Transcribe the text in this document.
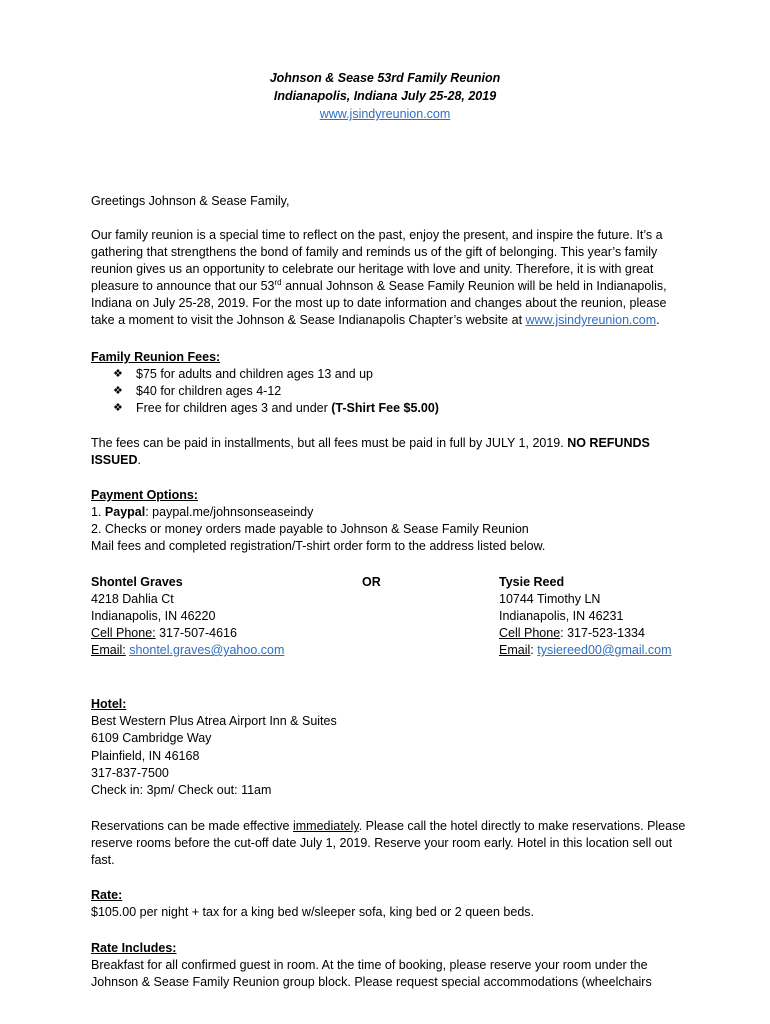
Johnson & Sease 53rd Family Reunion
Indianapolis, Indiana July 25-28, 2019
www.jsindyreunion.com
Greetings Johnson & Sease Family,
Our family reunion is a special time to reflect on the past, enjoy the present, and inspire the future. It’s a gathering that strengthens the bond of family and reminds us of the gift of belonging. This year’s family reunion gives us an opportunity to celebrate our heritage with love and unity. Therefore, it is with great pleasure to announce that our 53rd annual Johnson & Sease Family Reunion will be held in Indianapolis, Indiana on July 25-28, 2019. For the most up to date information and changes about the reunion, please take a moment to visit the Johnson & Sease Indianapolis Chapter’s website at www.jsindyreunion.com.
Family Reunion Fees:
❖ $75 for adults and children ages 13 and up
❖ $40 for children ages 4-12
❖ Free for children ages 3 and under (T-Shirt Fee $5.00)
The fees can be paid in installments, but all fees must be paid in full by JULY 1, 2019. NO REFUNDS ISSUED.
Payment Options:
1. Paypal: paypal.me/johnsonseaseindy
2. Checks or money orders made payable to Johnson & Sease Family Reunion
Mail fees and completed registration/T-shirt order form to the address listed below.
Shontel Graves
4218 Dahlia Ct
Indianapolis, IN 46220
Cell Phone: 317-507-4616
Email: shontel.graves@yahoo.com
OR	Tysie Reed
10744 Timothy LN
Indianapolis, IN 46231
Cell Phone: 317-523-1334
Email: tysiereed00@gmail.com
Hotel:
Best Western Plus Atrea Airport Inn & Suites
6109 Cambridge Way
Plainfield, IN 46168
317-837-7500
Check in: 3pm/ Check out: 11am
Reservations can be made effective immediately. Please call the hotel directly to make reservations. Please reserve rooms before the cut-off date July 1, 2019. Reserve your room early. Hotel in this location sell out fast.
Rate:
$105.00 per night + tax for a king bed w/sleeper sofa, king bed or 2 queen beds.
Rate Includes:
Breakfast for all confirmed guest in room. At the time of booking, please reserve your room under the Johnson & Sease Family Reunion group block. Please request special accommodations (wheelchairs
